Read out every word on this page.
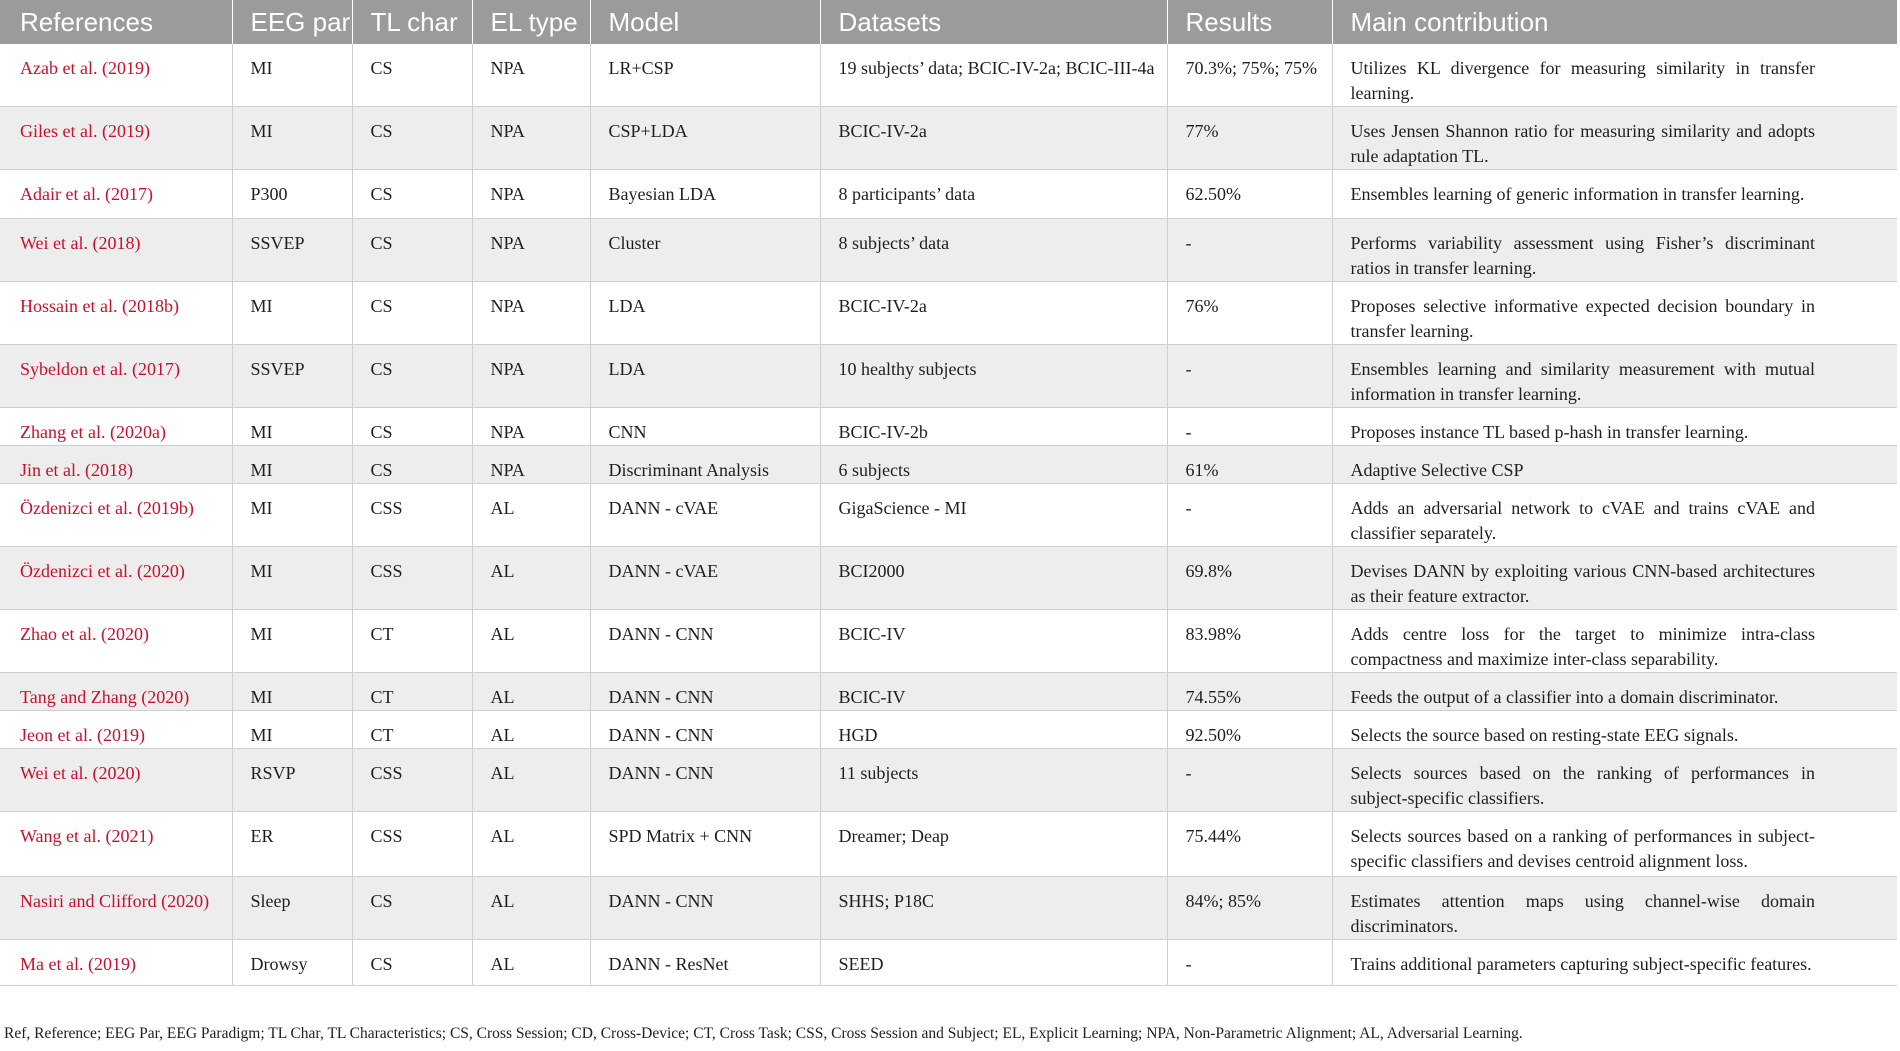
References	EEG par	TL char	EL type	Model	Datasets	Results	Main contribution
Azab et al. (2019)	MI	CS	NPA	LR+CSP	19 subjects’ data; BCIC-IV-2a; BCIC-III-4a	70.3%; 75%; 75%	Utilizes KL divergence for measuring similarity in transfer learning.
Giles et al. (2019)	MI	CS	NPA	CSP+LDA	BCIC-IV-2a	77%	Uses Jensen Shannon ratio for measuring similarity and adopts rule adaptation TL.
Adair et al. (2017)	P300	CS	NPA	Bayesian LDA	8 participants’ data	62.50%	Ensembles learning of generic information in transfer learning.
Wei et al. (2018)	SSVEP	CS	NPA	Cluster	8 subjects’ data	-	Performs variability assessment using Fisher’s discriminant ratios in transfer learning.
Hossain et al. (2018b)	MI	CS	NPA	LDA	BCIC-IV-2a	76%	Proposes selective informative expected decision boundary in transfer learning.
Sybeldon et al. (2017)	SSVEP	CS	NPA	LDA	10 healthy subjects	-	Ensembles learning and similarity measurement with mutual information in transfer learning.
Zhang et al. (2020a)	MI	CS	NPA	CNN	BCIC-IV-2b	-	Proposes instance TL based p-hash in transfer learning.
Jin et al. (2018)	MI	CS	NPA	Discriminant Analysis	6 subjects	61%	Adaptive Selective CSP
Özdenizci et al. (2019b)	MI	CSS	AL	DANN - cVAE	GigaScience - MI	-	Adds an adversarial network to cVAE and trains cVAE and classifier separately.
Özdenizci et al. (2020)	MI	CSS	AL	DANN - cVAE	BCI2000	69.8%	Devises DANN by exploiting various CNN-based architectures as their feature extractor.
Zhao et al. (2020)	MI	CT	AL	DANN - CNN	BCIC-IV	83.98%	Adds centre loss for the target to minimize intra-class compactness and maximize inter-class separability.
Tang and Zhang (2020)	MI	CT	AL	DANN - CNN	BCIC-IV	74.55%	Feeds the output of a classifier into a domain discriminator.
Jeon et al. (2019)	MI	CT	AL	DANN - CNN	HGD	92.50%	Selects the source based on resting-state EEG signals.
Wei et al. (2020)	RSVP	CSS	AL	DANN - CNN	11 subjects	-	Selects sources based on the ranking of performances in subject-specific classifiers.
Wang et al. (2021)	ER	CSS	AL	SPD Matrix + CNN	Dreamer; Deap	75.44%	Selects sources based on a ranking of performances in subject-specific classifiers and devises centroid alignment loss.
Nasiri and Clifford (2020)	Sleep	CS	AL	DANN - CNN	SHHS; P18C	84%; 85%	Estimates attention maps using channel-wise domain discriminators.
Ma et al. (2019)	Drowsy	CS	AL	DANN - ResNet	SEED	-	Trains additional parameters capturing subject-specific features.
Ref, Reference; EEG Par, EEG Paradigm; TL Char, TL Characteristics; CS, Cross Session; CD, Cross-Device; CT, Cross Task; CSS, Cross Session and Subject; EL, Explicit Learning; NPA, Non-Parametric Alignment; AL, Adversarial Learning.
